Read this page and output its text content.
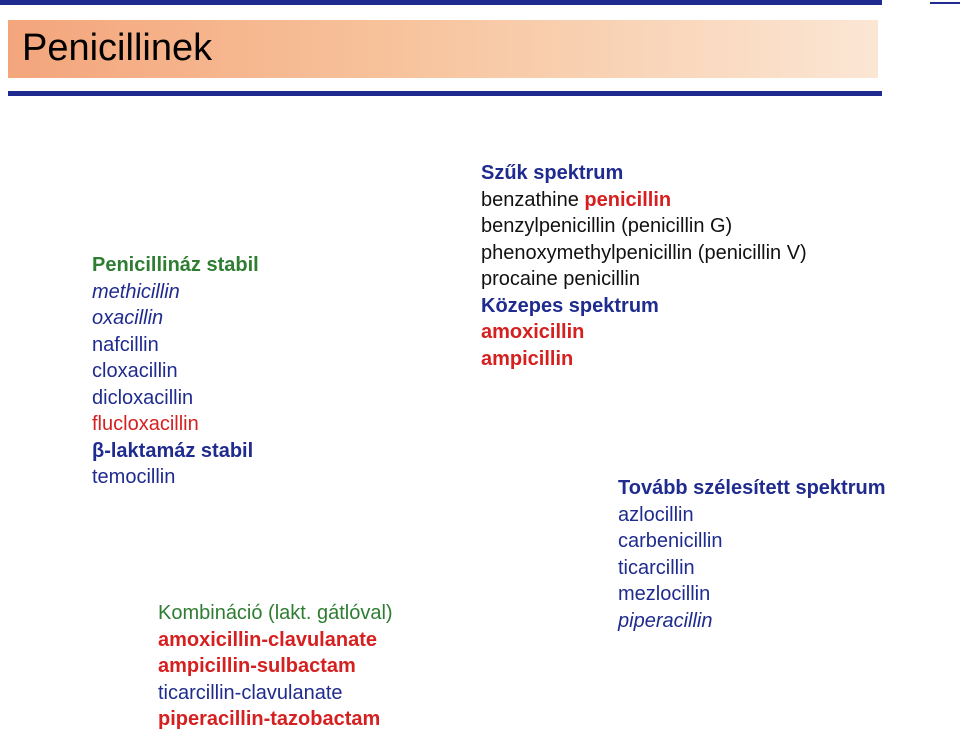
Penicillinek
Szűk spektrum
benzathine penicillin
benzylpenicillin (penicillin G)
phenoxymethylpenicillin (penicillin V)
procaine penicillin
Közepes spektrum
amoxicillin
ampicillin
Penicillináz stabil
methicillin
oxacillin
nafcillin
cloxacillin
dicloxacillin
flucloxacillin
β-laktamáz stabil
temocillin	Tovább szélesített spektrum
azlocillin
carbenicillin
ticarcillin
mezlocillin
piperacillin
Kombináció (lakt. gátlóval)
amoxicillin-clavulanate
ampicillin-sulbactam
ticarcillin-clavulanate
piperacillin-tazobactam
